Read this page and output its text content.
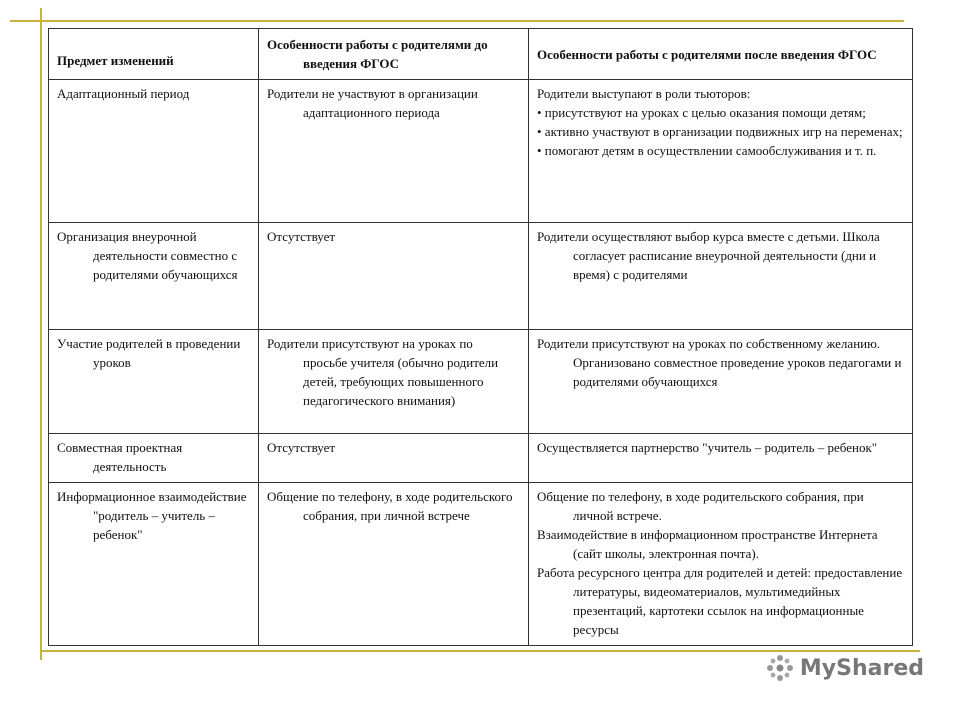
Предмет изменений	Особенности работы с родителями до введения ФГОС	Особенности работы с родителями после введения ФГОС

Адаптационный период	Родители не участвуют в организации адаптационного периода	Родители выступают в роли тьюторов:

• присутствуют на уроках с целью оказания помощи детям;

• активно участвуют в организации подвижных игр на переменах;

• помогают детям в осуществлении самообслуживания и т. п.

Организация внеурочной деятельности совместно с родителями обучающихся	Отсутствует	Родители осуществляют выбор курса вместе с детьми. Школа согласует расписание внеурочной деятельности (дни и время) с родителями

Участие родителей в проведении уроков	Родители присутствуют на уроках по просьбе учителя (обычно родители детей, требующих повышенного педагогического внимания)	Родители присутствуют на уроках по собственному желанию. Организовано совместное проведение уроков педагогами и родителями обучающихся

Совместная проектная деятельность	Отсутствует	Осуществляется партнерство "учитель – родитель – ребенок"

Информационное взаимодействие "родитель – учитель – ребенок"	Общение по телефону, в ходе родительского собрания, при личной встрече	Общение по телефону, в ходе родительского собрания, при личной встрече.

Взаимодействие в информационном пространстве Интернета (сайт школы, электронная почта).

Работа ресурсного центра для родителей и детей: предоставление литературы, видеоматериалов, мультимедийных презентаций, картотеки ссылок на информационные ресурсы

MyShared
